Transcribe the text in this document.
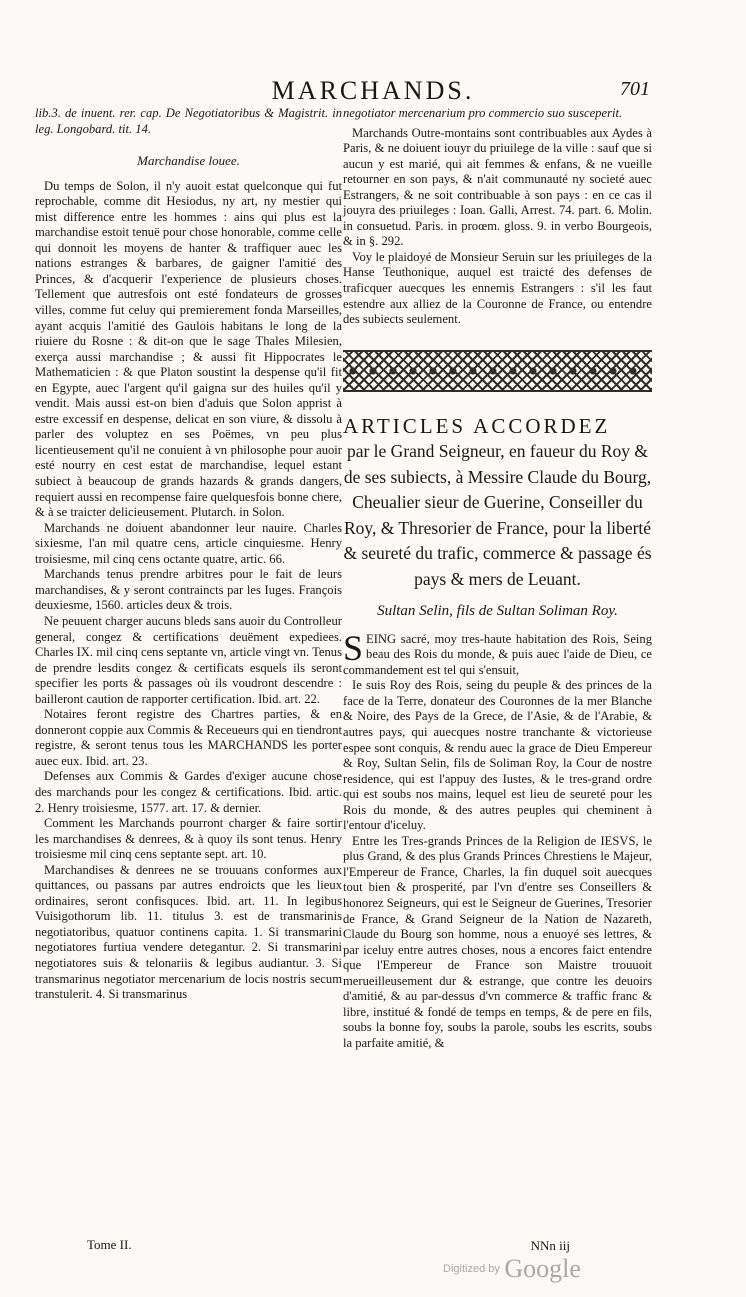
MARCHANDS.	701

lib.3. de inuent. rer. cap. De Negotiatoribus & Magistrit. in leg. Longobard. tit. 14.

Marchandise louee.

Du temps de Solon, il n'y auoit estat quelconque qui fut reprochable, comme dit Hesiodus, ny art, ny mestier qui mist difference entre les hommes : ains qui plus est la marchandise estoit tenuë pour chose honorable, comme celle qui donnoit les moyens de hanter & traffiquer auec les nations estranges & barbares, de gaigner l'amitié des Princes, & d'acquerir l'experience de plusieurs choses. Tellement que autresfois ont esté fondateurs de grosses villes, comme fut celuy qui premierement fonda Marseilles, ayant acquis l'amitié des Gaulois habitans le long de la riuiere du Rosne : & dit-on que le sage Thales Milesien, exerça aussi marchandise ; & aussi fit Hippocrates le Mathematicien : & que Platon soustint la despense qu'il fit en Egypte, auec l'argent qu'il gaigna sur des huiles qu'il y vendit. Mais aussi est-on bien d'aduis que Solon apprist à estre excessif en despense, delicat en son viure, & dissolu à parler des voluptez en ses Poëmes, vn peu plus licentieusement qu'il ne conuient à vn philosophe pour auoir esté nourry en cest estat de marchandise, lequel estant subiect à beaucoup de grands hazards & grands dangers, requiert aussi en recompense faire quelquesfois bonne chere, & à se traicter delicieusement. Plutarch. in Solon.

Marchands ne doiuent abandonner leur nauire. Charles sixiesme, l'an mil quatre cens, article cinquiesme. Henry troisiesme, mil cinq cens octante quatre, artic. 66.

Marchands tenus prendre arbitres pour le fait de leurs marchandises, & y seront contraincts par les Iuges. François deuxiesme, 1560. articles deux & trois.

Ne peuuent charger aucuns bleds sans auoir du Controlleur general, congez & certifications deuëment expediees. Charles IX. mil cinq cens septante vn, article vingt vn. Tenus de prendre lesdits congez & certificats esquels ils seront specifier les ports & passages où ils voudront descendre : bailleront caution de rapporter certification. Ibid. art. 22.

Notaires feront registre des Chartres parties, & en donneront coppie aux Commis & Receueurs qui en tiendront registre, & seront tenus tous les MARCHANDS les porter auec eux. Ibid. art. 23.

Defenses aux Commis & Gardes d'exiger aucune chose des marchands pour les congez & certifications. Ibid. artic. 2. Henry troisiesme, 1577. art. 17. & dernier.

Comment les Marchands pourront charger & faire sortir les marchandises & denrees, & à quoy ils sont tenus. Henry troisiesme mil cinq cens septante sept. art. 10.

Marchandises & denrees ne se trouuans conformes aux quittances, ou passans par autres endroicts que les lieux ordinaires, seront confisquces. Ibid. art. 11. In legibus Vuisigothorum lib. 11. titulus 3. est de transmarinis negotiatoribus, quatuor continens capita. 1. Si transmarini negotiatores furtiua vendere detegantur. 2. Si transmarini negotiatores suis & telonariis & legibus audiantur. 3. Si transmarinus negotiator mercenarium de locis nostris secum transtulerit. 4. Si transmarinus

negotiator mercenarium pro commercio suo susceperit.

Marchands Outre-montains sont contribuables aux Aydes à Paris, & ne doiuent iouyr du priuilege de la ville : sauf que si aucun y est marié, qui ait femmes & enfans, & ne vueille retourner en son pays, & n'ait communauté ny societé auec Estrangers, & ne soit contribuable à son pays : en ce cas il jouyra des priuileges : Ioan. Galli, Arrest. 74. part. 6. Molin. in consuetud. Paris. in proœm. gloss. 9. in verbo Bourgeois, & in §. 292.

Voy le plaidoyé de Monsieur Seruin sur les priuileges de la Hanse Teuthonique, auquel est traicté des defenses de traficquer auecques les ennemis Estrangers : s'il les faut estendre aux alliez de la Couronne de France, ou entendre des subiects seulement.

ARTICLES ACCORDEZ
par le Grand Seigneur, en faueur du Roy & de ses subiects, à Messire Claude du Bourg, Cheualier sieur de Guerine, Conseiller du Roy, & Thresorier de France, pour la liberté & seureté du trafic, commerce & passage és pays & mers de Leuant.
Sultan Selin, fils de Sultan Soliman Roy.

SEING sacré, moy tres-haute habitation des Rois, Seing beau des Rois du monde, & puis auec l'aide de Dieu, ce commandement est tel qui s'ensuit,

Ie suis Roy des Rois, seing du peuple & des princes de la face de la Terre, donateur des Couronnes de la mer Blanche & Noire, des Pays de la Grece, de l'Asie, & de l'Arabie, & autres pays, qui auecques nostre tranchante & victorieuse espee sont conquis, & rendu auec la grace de Dieu Empereur & Roy, Sultan Selin, fils de Soliman Roy, la Cour de nostre residence, qui est l'appuy des Iustes, & le tres-grand ordre qui est soubs nos mains, lequel est lieu de seureté pour les Rois du monde, & des autres peuples qui cheminent à l'entour d'iceluy.

Entre les Tres-grands Princes de la Religion de IESVS, le plus Grand, & des plus Grands Princes Chrestiens le Majeur, l'Empereur de France, Charles, la fin duquel soit auecques tout bien & prosperité, par l'vn d'entre ses Conseillers & honorez Seigneurs, qui est le Seigneur de Guerines, Tresorier de France, & Grand Seigneur de la Nation de Nazareth, Claude du Bourg son homme, nous a enuoyé ses lettres, & par iceluy entre autres choses, nous a encores faict entendre que l'Empereur de France son Maistre trouuoit merueilleusement dur & estrange, que contre les deuoirs d'amitié, & au par-dessus d'vn commerce & traffic franc & libre, institué & fondé de temps en temps, & de pere en fils, soubs la bonne foy, soubs la parole, soubs les escrits, soubs la parfaite amitié, &

Tome II.	NNn iij
Digitized by Google
